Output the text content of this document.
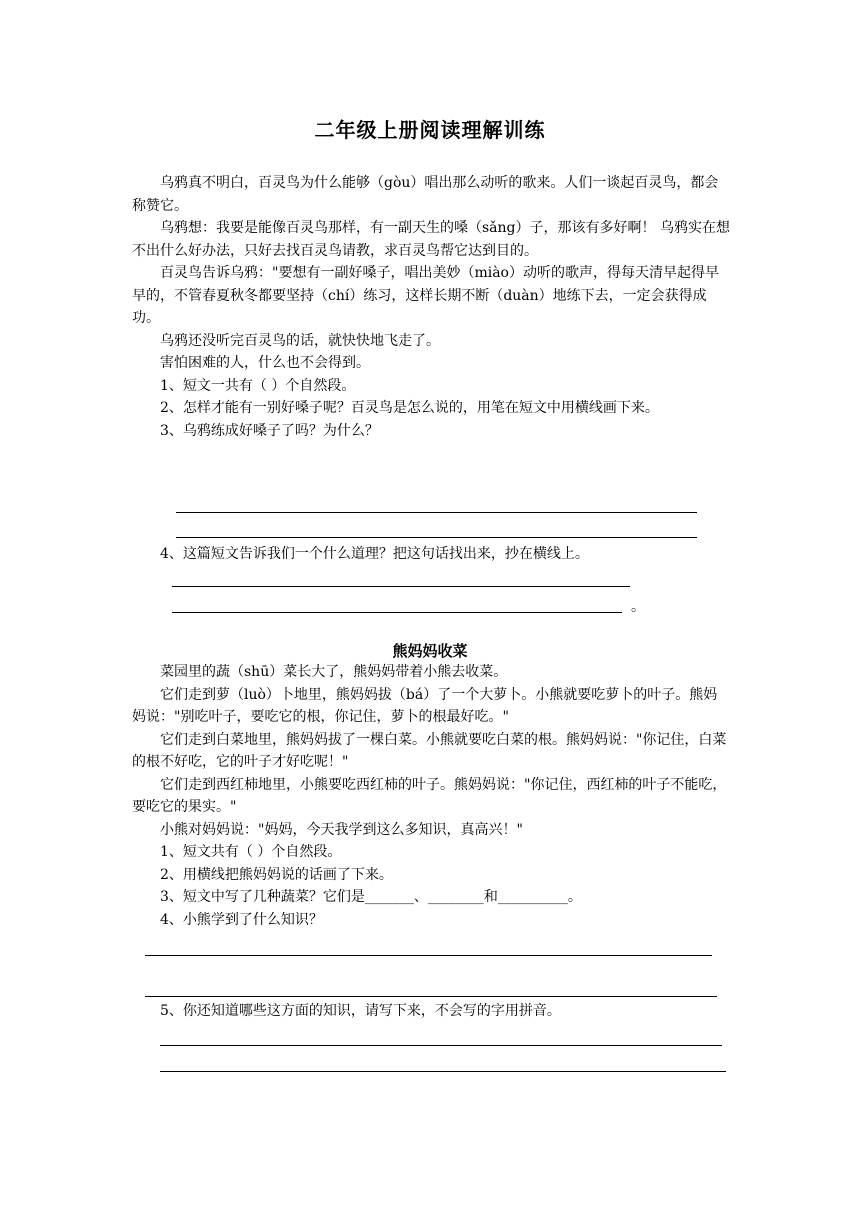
二年级上册阅读理解训练

乌鸦真不明白，百灵鸟为什么能够（gòu）唱出那么动听的歌来。人们一谈起百灵鸟，都会称赞它。

乌鸦想：我要是能像百灵鸟那样，有一副天生的嗓（sǎng）子，那该有多好啊！ 乌鸦实在想不出什么好办法，只好去找百灵鸟请教，求百灵鸟帮它达到目的。

百灵鸟告诉乌鸦："要想有一副好嗓子，唱出美妙（miào）动听的歌声，得每天清早起得早早的，不管春夏秋冬都要坚持（chí）练习，这样长期不断（duàn）地练下去，一定会获得成功。

乌鸦还没听完百灵鸟的话，就快快地飞走了。

害怕困难的人，什么也不会得到。

1、短文一共有（ ）个自然段。

2、怎样才能有一别好嗓子呢？百灵鸟是怎么说的，用笔在短文中用横线画下来。

3、乌鸦练成好嗓子了吗？为什么？

4、这篇短文告诉我们一个什么道理？把这句话找出来，抄在横线上。

。
熊妈妈收菜

菜园里的蔬（shū）菜长大了，熊妈妈带着小熊去收菜。

它们走到萝（luò）卜地里，熊妈妈拔（bá）了一个大萝卜。小熊就要吃萝卜的叶子。熊妈妈说："别吃叶子，要吃它的根，你记住，萝卜的根最好吃。"

它们走到白菜地里，熊妈妈拔了一棵白菜。小熊就要吃白菜的根。熊妈妈说："你记住，白菜的根不好吃，它的叶子才好吃呢！"

它们走到西红柿地里，小熊要吃西红柿的叶子。熊妈妈说："你记住，西红柿的叶子不能吃，要吃它的果实。"

小熊对妈妈说："妈妈，今天我学到这么多知识，真高兴！"

1、短文共有（ ）个自然段。

2、用横线把熊妈妈说的话画了下来。

3、短文中写了几种蔬菜？它们是_______、________和__________。

4、小熊学到了什么知识？

5、你还知道哪些这方面的知识，请写下来，不会写的字用拼音。
